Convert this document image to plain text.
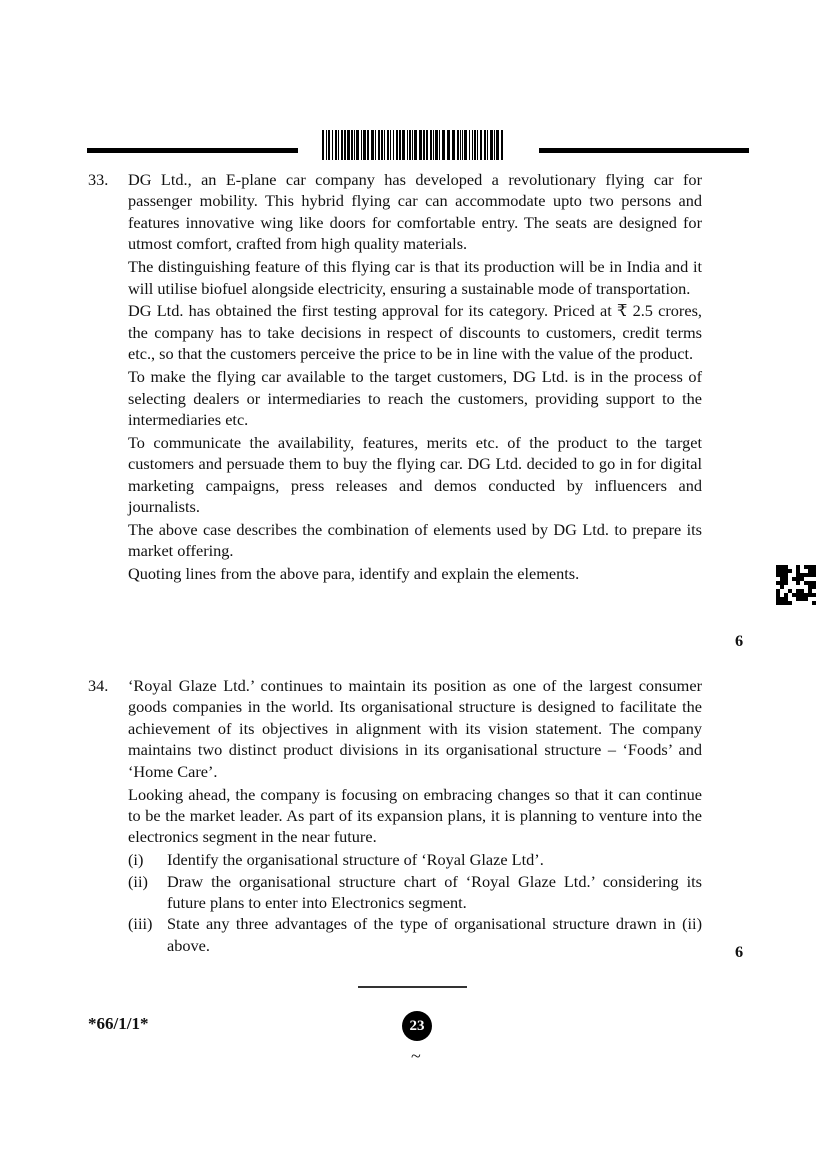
33. DG Ltd., an E-plane car company has developed a revolutionary flying car for passenger mobility. This hybrid flying car can accommodate upto two persons and features innovative wing like doors for comfortable entry. The seats are designed for utmost comfort, crafted from high quality materials.

The distinguishing feature of this flying car is that its production will be in India and it will utilise biofuel alongside electricity, ensuring a sustainable mode of transportation.

DG Ltd. has obtained the first testing approval for its category. Priced at ₹ 2.5 crores, the company has to take decisions in respect of discounts to customers, credit terms etc., so that the customers perceive the price to be in line with the value of the product.

To make the flying car available to the target customers, DG Ltd. is in the process of selecting dealers or intermediaries to reach the customers, providing support to the intermediaries etc.

To communicate the availability, features, merits etc. of the product to the target customers and persuade them to buy the flying car. DG Ltd. decided to go in for digital marketing campaigns, press releases and demos conducted by influencers and journalists.

The above case describes the combination of elements used by DG Ltd. to prepare its market offering.

Quoting lines from the above para, identify and explain the elements.

6
34. ‘Royal Glaze Ltd.’ continues to maintain its position as one of the largest consumer goods companies in the world. Its organisational structure is designed to facilitate the achievement of its objectives in alignment with its vision statement. The company maintains two distinct product divisions in its organisational structure – ‘Foods’ and ‘Home Care’.

Looking ahead, the company is focusing on embracing changes so that it can continue to be the market leader. As part of its expansion plans, it is planning to venture into the electronics segment in the near future.

(i)	Identify the organisational structure of ‘Royal Glaze Ltd’.
(ii)	Draw the organisational structure chart of ‘Royal Glaze Ltd.’ considering its future plans to enter into Electronics segment.
(iii) State any three advantages of the type of organisational structure drawn in (ii) above.	6
*66/1/1*	23
~
